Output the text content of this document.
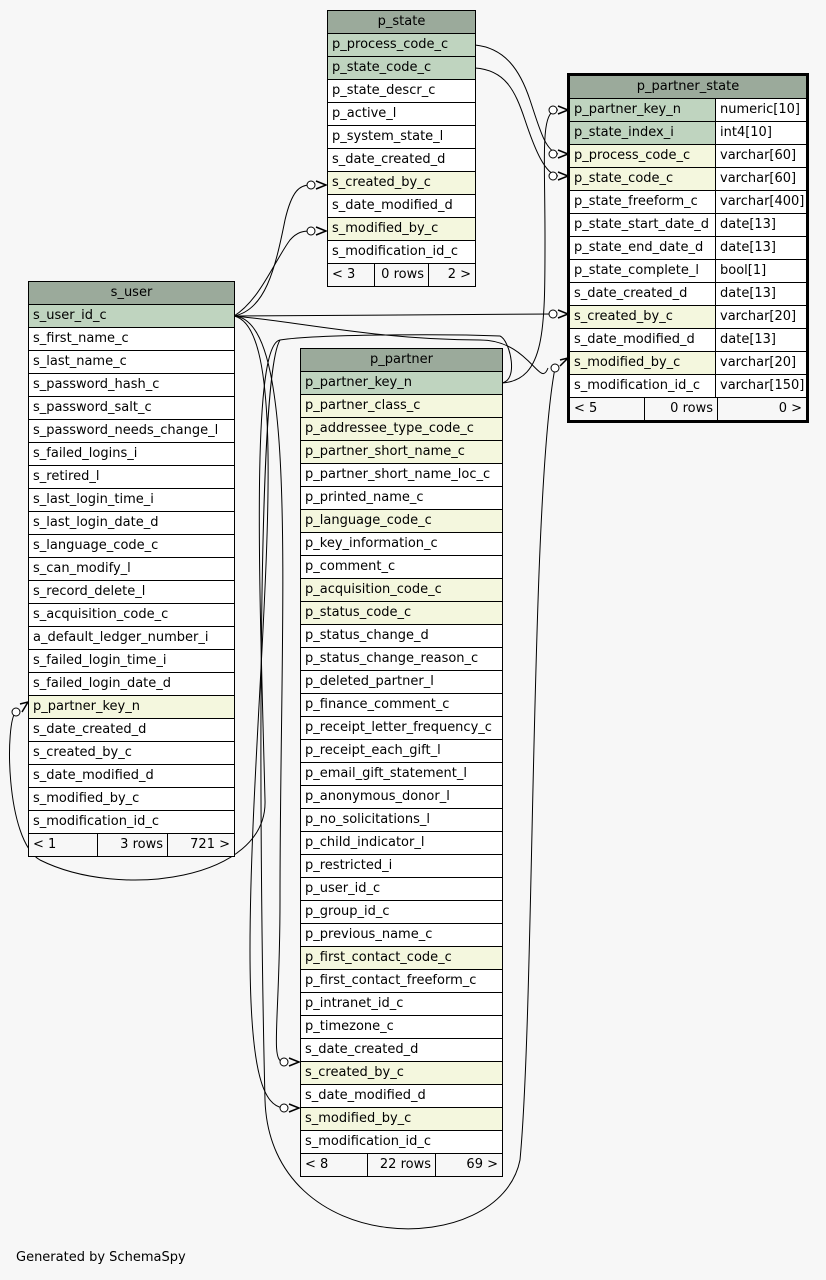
p_state
p_process_code_c
p_state_code_c
p_state_descr_c
p_active_l
p_system_state_l
s_date_created_d
s_created_by_c
s_date_modified_d
s_modified_by_c
s_modification_id_c
< 3	0 rows	2 >
p_partner_state
p_partner_key_n	numeric[10]
p_state_index_i	int4[10]
p_process_code_c	varchar[60]
p_state_code_c	varchar[60]
p_state_freeform_c	varchar[400]
p_state_start_date_d date[13]
p_state_end_date_d	date[13]
p_state_complete_l	bool[1]
s_date_created_d	date[13]
s_created_by_c	varchar[20]
s_date_modified_d	date[13]
s_modified_by_c	varchar[20]
s_modification_id_c	varchar[150]
< 5	0 rows	0 >
s_user
s_user_id_c
s_first_name_c
s_last_name_c
s_password_hash_c
s_password_salt_c
s_password_needs_change_l
s_failed_logins_i
s_retired_l
s_last_login_time_i
s_last_login_date_d
s_language_code_c
s_can_modify_l
s_record_delete_l
s_acquisition_code_c
a_default_ledger_number_i
s_failed_login_time_i
s_failed_login_date_d
p_partner_key_n
s_date_created_d
s_created_by_c
s_date_modified_d
s_modified_by_c
s_modification_id_c
< 1	3 rows	721 >
p_partner
p_partner_key_n
p_partner_class_c
p_addressee_type_code_c
p_partner_short_name_c
p_partner_short_name_loc_c
p_printed_name_c
p_language_code_c
p_key_information_c
p_comment_c
p_acquisition_code_c
p_status_code_c
p_status_change_d
p_status_change_reason_c
p_deleted_partner_l
p_finance_comment_c
p_receipt_letter_frequency_c
p_receipt_each_gift_l
p_email_gift_statement_l
p_anonymous_donor_l
p_no_solicitations_l
p_child_indicator_l
p_restricted_i
p_user_id_c
p_group_id_c
p_previous_name_c
p_first_contact_code_c
p_first_contact_freeform_c
p_intranet_id_c
p_timezone_c
s_date_created_d
s_created_by_c
s_date_modified_d
s_modified_by_c
s_modification_id_c
< 8	22 rows	69 >
Generated by SchemaSpy
